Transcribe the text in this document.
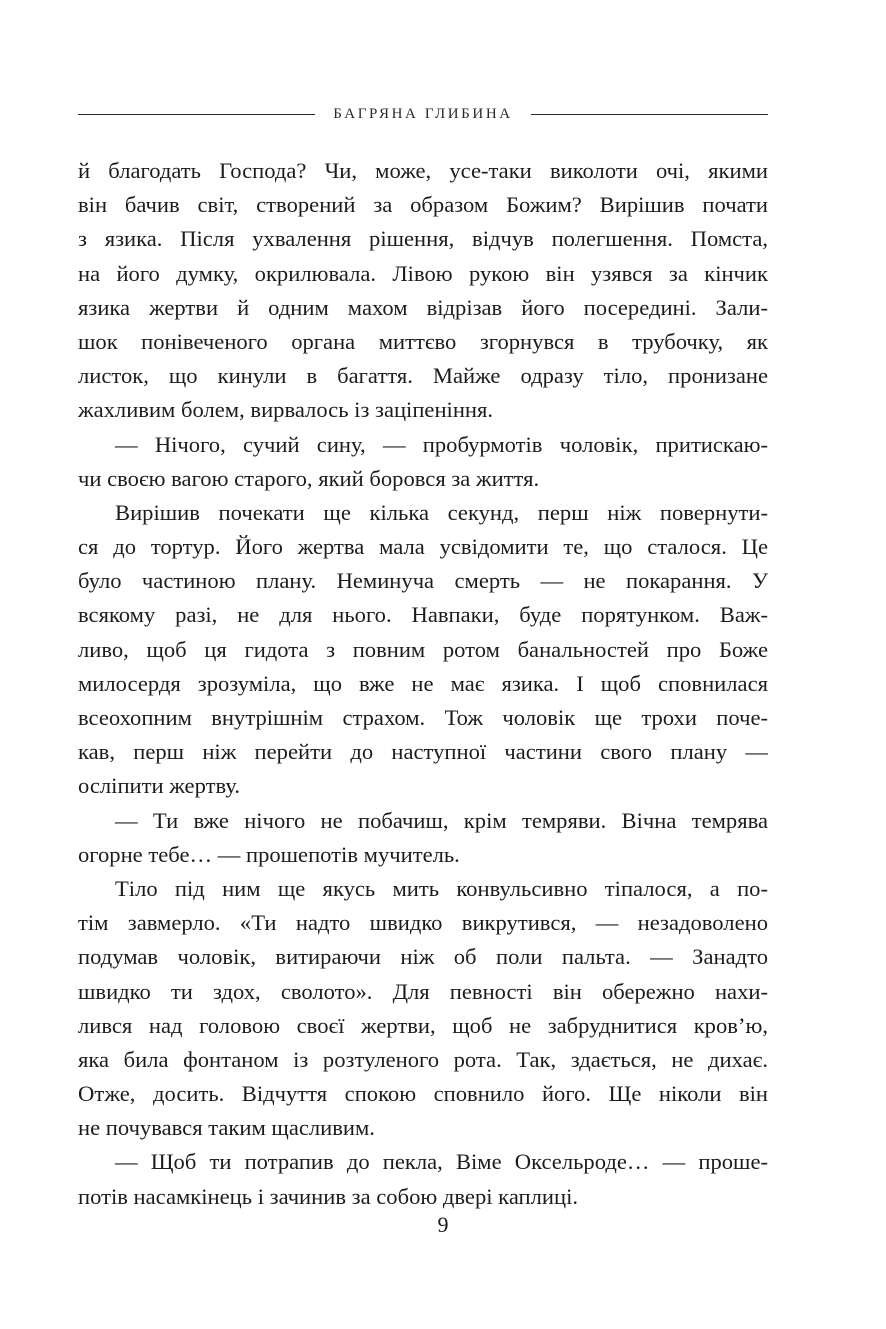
БАГРЯНА ГЛИБИНА
й благодать Господа? Чи, може, усе-таки виколоти очі, якими
він бачив світ, створений за образом Божим? Вирішив почати
з язика. Після ухвалення рішення, відчув полегшення. Помста,
на його думку, окрилювала. Лівою рукою він узявся за кінчик
язика жертви й одним махом відрізав його посередині. Зали-
шок понівеченого органа миттєво згорнувся в трубочку, як
листок, що кинули в багаття. Майже одразу тіло, пронизане
жахливим болем, вирвалось із заціпеніння.
— Нічого, сучий сину, — пробурмотів чоловік, притискаю-
чи своєю вагою старого, який боровся за життя.
Вирішив почекати ще кілька секунд, перш ніж повернути-
ся до тортур. Його жертва мала усвідомити те, що сталося. Це
було частиною плану. Неминуча смерть — не покарання. У
всякому разі, не для нього. Навпаки, буде порятунком. Важ-
ливо, щоб ця гидота з повним ротом банальностей про Боже
милосердя зрозуміла, що вже не має язика. І щоб сповнилася
всеохопним внутрішнім страхом. Тож чоловік ще трохи поче-
кав, перш ніж перейти до наступної частини свого плану —
осліпити жертву.
— Ти вже нічого не побачиш, крім темряви. Вічна темрява
огорне тебе… — прошепотів мучитель.
Тіло під ним ще якусь мить конвульсивно тіпалося, а по-
тім завмерло. «Ти надто швидко викрутився, — незадоволено
подумав чоловік, витираючи ніж об поли пальта. — Занадто
швидко ти здох, сволото». Для певності він обережно нахи-
лився над головою своєї жертви, щоб не забруднитися кров’ю,
яка била фонтаном із розтуленого рота. Так, здається, не дихає.
Отже, досить. Відчуття спокою сповнило його. Ще ніколи він
не почувався таким щасливим.
— Щоб ти потрапив до пекла, Віме Оксельроде… — проше-
потів насамкінець і зачинив за собою двері каплиці.
9
